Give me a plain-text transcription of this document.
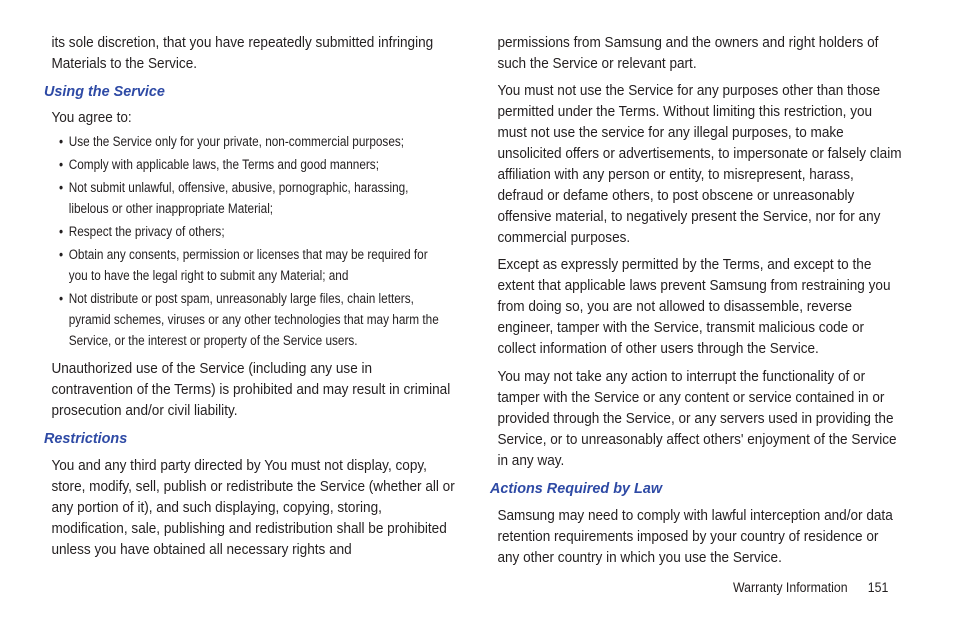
its sole discretion, that you have repeatedly submitted infringing Materials to the Service.

Using the Service

You agree to:

• Use the Service only for your private, non-commercial purposes;
• Comply with applicable laws, the Terms and good manners;
• Not submit unlawful, offensive, abusive, pornographic, harassing, libelous or other inappropriate Material;
• Respect the privacy of others;
• Obtain any consents, permission or licenses that may be required for you to have the legal right to submit any Material; and
• Not distribute or post spam, unreasonably large files, chain letters, pyramid schemes, viruses or any other technologies that may harm the Service, or the interest or property of the Service users.

Unauthorized use of the Service (including any use in contravention of the Terms) is prohibited and may result in criminal prosecution and/or civil liability.

Restrictions

You and any third party directed by You must not display, copy, store, modify, sell, publish or redistribute the Service (whether all or any portion of it), and such displaying, copying, storing, modification, sale, publishing and redistribution shall be prohibited unless you have obtained all necessary rights and

permissions from Samsung and the owners and right holders of such the Service or relevant part.

You must not use the Service for any purposes other than those permitted under the Terms. Without limiting this restriction, you must not use the service for any illegal purposes, to make unsolicited offers or advertisements, to impersonate or falsely claim affiliation with any person or entity, to misrepresent, harass, defraud or defame others, to post obscene or unreasonably offensive material, to negatively present the Service, nor for any commercial purposes.

Except as expressly permitted by the Terms, and except to the extent that applicable laws prevent Samsung from restraining you from doing so, you are not allowed to disassemble, reverse engineer, tamper with the Service, transmit malicious code or collect information of other users through the Service.

You may not take any action to interrupt the functionality of or tamper with the Service or any content or service contained in or provided through the Service, or any servers used in providing the Service, or to unreasonably affect others' enjoyment of the Service in any way.

Actions Required by Law

Samsung may need to comply with lawful interception and/or data retention requirements imposed by your country of residence or any other country in which you use the Service.

Warranty Information 151
